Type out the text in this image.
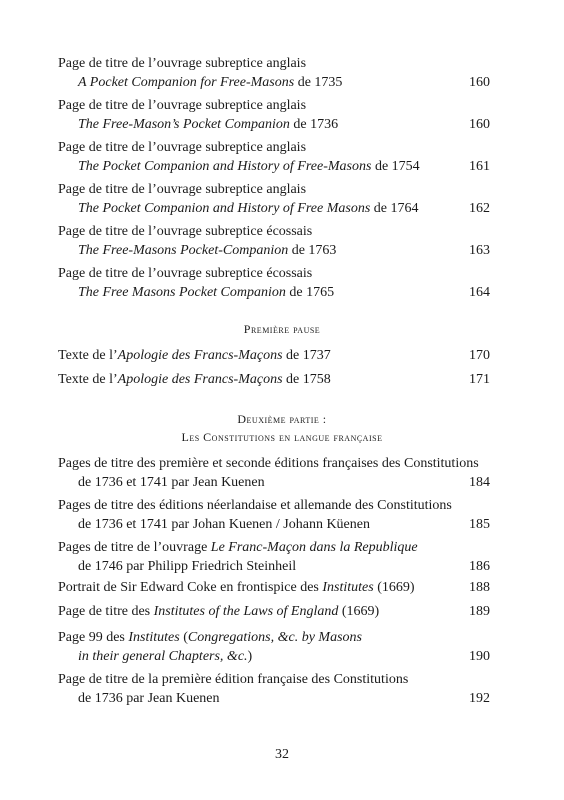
Page de titre de l’ouvrage subreptice anglais
A Pocket Companion for Free-Masons de 1735	160
Page de titre de l’ouvrage subreptice anglais
The Free-Mason’s Pocket Companion de 1736	160
Page de titre de l’ouvrage subreptice anglais
The Pocket Companion and History of Free-Masons de 1754	161
Page de titre de l’ouvrage subreptice anglais
The Pocket Companion and History of Free Masons de 1764	162
Page de titre de l’ouvrage subreptice écossais
The Free-Masons Pocket-Companion de 1763	163
Page de titre de l’ouvrage subreptice écossais
The Free Masons Pocket Companion de 1765	164
Première pause
Texte de l’Apologie des Francs-Maçons de 1737	170
Texte de l’Apologie des Francs-Maçons de 1758	171
Deuxième partie :
Les Constitutions en langue française
Pages de titre des première et seconde éditions françaises des Constitutions
de 1736 et 1741 par Jean Kuenen	184
Pages de titre des éditions néerlandaise et allemande des Constitutions
de 1736 et 1741 par Johan Kuenen / Johann Küenen	185
Pages de titre de l’ouvrage Le Franc-Maçon dans la Republique
de 1746 par Philipp Friedrich Steinheil	186
Portrait de Sir Edward Coke en frontispice des Institutes (1669)	188
Page de titre des Institutes of the Laws of England (1669)	189
Page 99 des Institutes (Congregations, &c. by Masons
in their general Chapters, &c.)	190
Page de titre de la première édition française des Constitutions
de 1736 par Jean Kuenen	192
32
